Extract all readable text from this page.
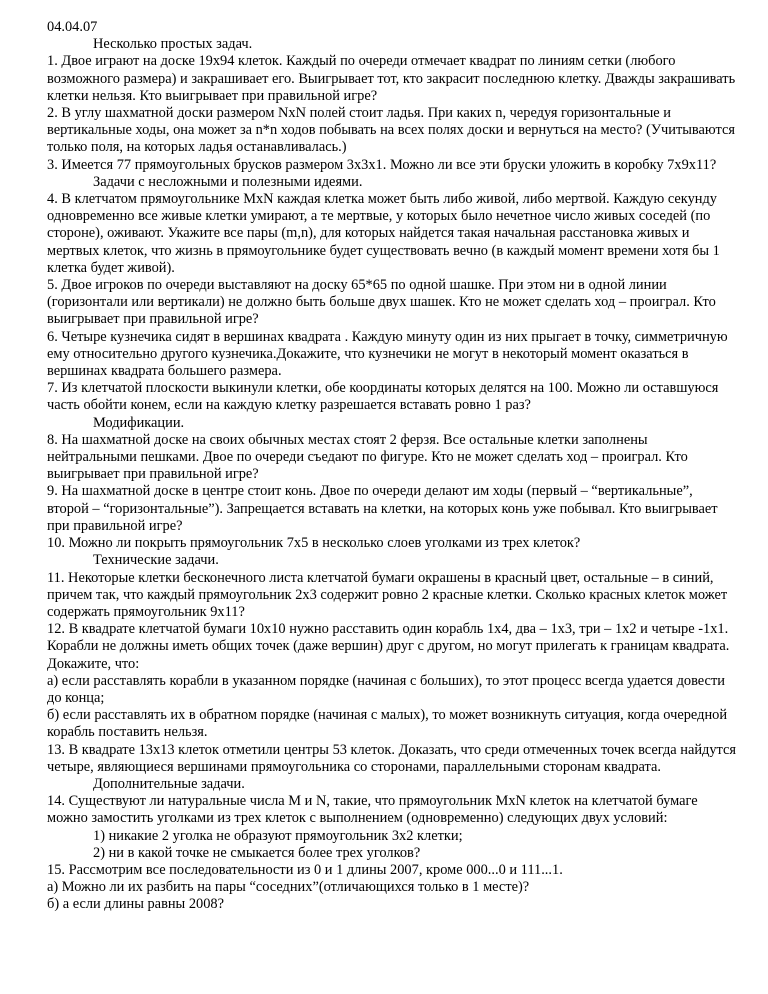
04.04.07

Несколько простых задач.

1. Двое играют на доске 19x94 клеток. Каждый по очереди отмечает квадрат по линиям сетки (любого возможного размера) и закрашивает его. Выигрывает тот, кто закрасит последнюю клетку. Дважды закрашивать клетки нельзя. Кто выигрывает при правильной игре?

2. В углу шахматной доски размером NxN полей стоит ладья. При каких n, чередуя горизонтальные и вертикальные ходы, она может за n*n ходов побывать на всех полях доски и вернуться на место? (Учитываются только поля, на которых ладья останавливалась.)

3. Имеется 77 прямоугольных брусков размером 3x3x1. Можно ли все эти бруски уложить в коробку 7x9x11?

Задачи с несложными и полезными идеями.

4. В клетчатом прямоугольнике MxN каждая клетка может быть либо живой, либо мертвой. Каждую секунду одновременно все живые клетки умирают, а те мертвые, у которых было нечетное число живых соседей (по стороне), оживают. Укажите все пары (m,n), для которых найдется такая начальная расстановка живых и мертвых клеток, что жизнь в прямоугольнике будет существовать вечно (в каждый момент времени хотя бы 1 клетка будет живой).

5. Двое игроков по очереди выставляют на доску 65*65 по одной шашке. При этом ни в одной линии (горизонтали или вертикали) не должно быть больше двух шашек. Кто не может сделать ход – проиграл. Кто выигрывает при правильной игре?

6. Четыре кузнечика сидят в вершинах квадрата . Каждую минуту один из них прыгает в точку, симметричную ему относительно другого кузнечика.Докажите, что кузнечики не могут в некоторый момент оказаться в вершинах квадрата большего размера.

7. Из клетчатой плоскости выкинули клетки, обе координаты которых делятся на 100. Можно ли оставшуюся часть обойти конем, если на каждую клетку разрешается вставать ровно 1 раз?

Модификации.

8. На шахматной доске на своих обычных местах стоят 2 ферзя. Все остальные клетки заполнены нейтральными пешками. Двое по очереди съедают по фигуре. Кто не может сделать ход – проиграл. Кто выигрывает при правильной игре?

9. На шахматной доске в центре стоит конь. Двое по очереди делают им ходы (первый – “вертикальные”, второй – “горизонтальные”). Запрещается вставать на клетки, на которых конь уже побывал. Кто выигрывает при правильной игре?

10. Можно ли покрыть прямоугольник 7x5 в несколько слоев уголками из трех клеток?

Технические задачи.

11. Некоторые клетки бесконечного листа клетчатой бумаги окрашены в красный цвет, остальные – в синий, причем так, что каждый прямоугольник 2x3 содержит ровно 2 красные клетки. Сколько красных клеток может содержать прямоугольник 9x11?

12. В квадрате клетчатой бумаги 10x10 нужно расставить один корабль 1x4, два – 1x3, три – 1x2 и четыре -1x1. Корабли не должны иметь общих точек (даже вершин) друг с другом, но могут прилегать к границам квадрата. Докажите, что:

а) если расставлять корабли в указанном порядке (начиная с больших), то этот процесс всегда удается довести до конца;

б) если расставлять их в обратном порядке (начиная с малых), то может возникнуть ситуация, когда очередной корабль поставить нельзя.

13. В квадрате 13x13 клеток отметили центры 53 клеток. Доказать, что среди отмеченных точек всегда найдутся четыре, являющиеся вершинами прямоугольника со сторонами, параллельными сторонам квадрата.

Дополнительные задачи.

14. Существуют ли натуральные числа M и N, такие, что прямоугольник MxN клеток на клетчатой бумаге можно замостить уголками из трех клеток с выполнением (одновременно) следующих двух условий:

1) никакие 2 уголка не образуют прямоугольник 3x2 клетки;

2) ни в какой точке не смыкается более трех уголков?

15. Рассмотрим все последовательности из 0 и 1 длины 2007, кроме 000...0 и 111...1.

а) Можно ли их разбить на пары “соседних”(отличающихся только в 1 месте)?

б) а если длины равны 2008?
